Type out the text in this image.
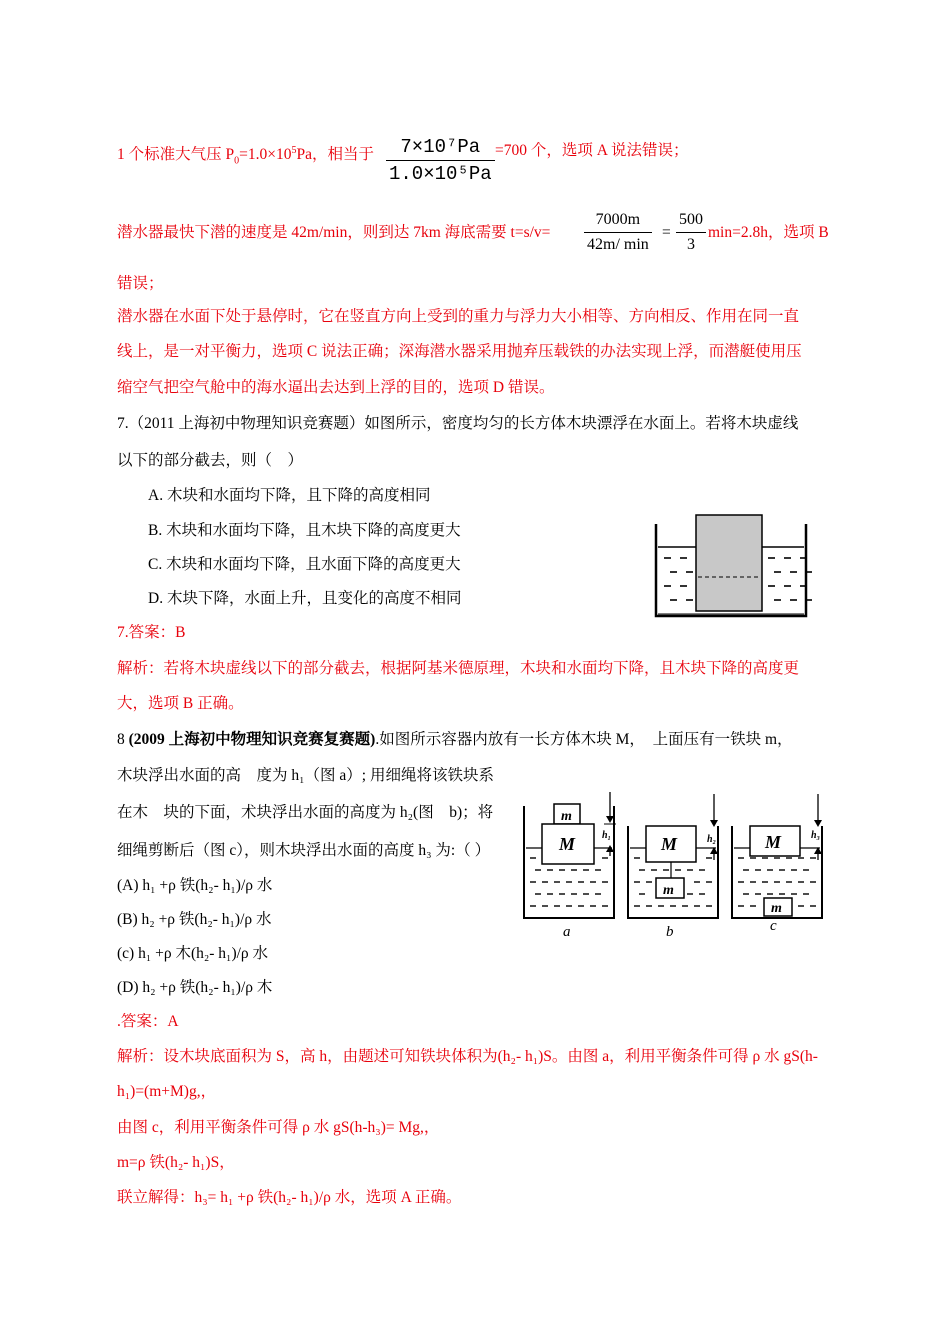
1 个标准大气压 $P_0=1.0\times 10^5Pa$，相当于 $\frac{\text{7×10⁷Pa}}{\text{1.0×10⁵Pa}} =700$ 个，选项 A 说法错误；
潜水器最快下潜的速度是 42m/min，则到达 7km 海底需要 t=s/v=
7000m
42m/ min
= $\frac{500}{3} \min=2.8h$，选项 B
错误；
潜水器在水面下处于悬停时，它在竖直方向上受到的重力与浮力大小相等、方向相反、作用在同一直
线上，是一对平衡力，选项 C 说法正确；深海潜水器采用抛弃压载铁的办法实现上浮，而潜艇使用压
缩空气把空气舱中的海水逼出去达到上浮的目的，选项 D 错误。
7.（2011 上海初中物理知识竞赛题）如图所示，密度均匀的长方体木块漂浮在水面上。若将木块虚线
以下的部分截去，则（　）
A. 木块和水面均下降，且下降的高度相同
B. 木块和水面均下降，且木块下降的高度更大
C. 木块和水面均下降，且水面下降的高度更大
D. 木块下降，水面上升，且变化的高度不相同
7.答案：B
解析：若将木块虚线以下的部分截去，根据阿基米德原理，木块和水面均下降，且木块下降的高度更
大，选项 B 正确。
8 (2009 上海初中物理知识竞赛复赛题).如图所示容器内放有一长方体木块 M，　上面压有一铁块 m，
木块浮出水面的高　度为 h₁（图 a）; 用细绳将该铁块系
在木　块的下面，术块浮出水面的高度为 h₂(图　b)；将
细绳剪断后（图 c），则木块浮出水面的高度 h₃ 为:（ ）
(A) h₁ +ρ 铁(h₂- h₁)/ρ 水
(B) h₂ +ρ 铁(h₂- h₁)/ρ 水
(c) h₁ +ρ 木(h₂- h₁)/ρ 水
(D) h₂ +ρ 铁(h₂- h₁)/ρ 木
.答案：A
解析：设木块底面积为 S，高 h，由题述可知铁块体积为(h₂- h₁)S。由图 a，利用平衡条件可得 ρ 水 gS(h-
h₁)=(m+M)g,，
由图 c，利用平衡条件可得 ρ 水 gS(h-h₃)= Mg,，
m=ρ 铁(h₂- h₁)S，
联立解得：h₃= h₁ +ρ 铁(h₂- h₁)/ρ 水，选项 A 正确。
m
M	h₁
a
M
m
h₂
b
M
m
h₃
c
